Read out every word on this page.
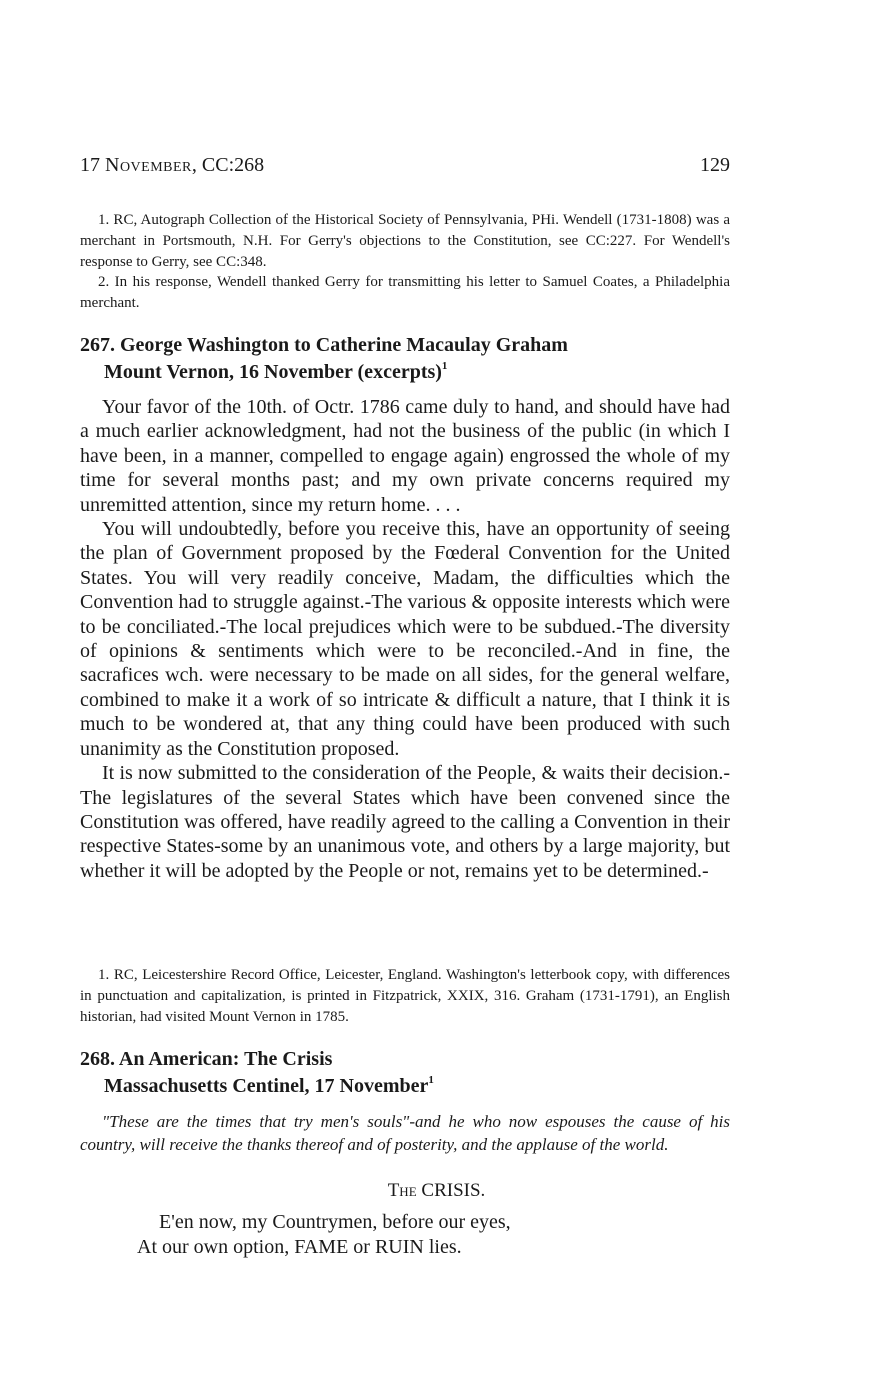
17 November, CC:268	129

1. RC, Autograph Collection of the Historical Society of Pennsylvania, PHi. Wendell (1731-1808) was a merchant in Portsmouth, N.H. For Gerry's objections to the Constitution, see CC:227. For Wendell's response to Gerry, see CC:348.

2. In his response, Wendell thanked Gerry for transmitting his letter to Samuel Coates, a Philadelphia merchant.

267. George Washington to Catherine Macaulay Graham
Mount Vernon, 16 November (excerpts)$^1$

Your favor of the 10th. of Octr. 1786 came duly to hand, and should have had a much earlier acknowledgment, had not the business of the public (in which I have been, in a manner, compelled to engage again) engrossed the whole of my time for several months past; and my own private concerns required my unremitted attention, since my return home. . . .

You will undoubtedly, before you receive this, have an opportunity of seeing the plan of Government proposed by the Fœderal Convention for the United States. You will very readily conceive, Madam, the difficulties which the Convention had to struggle against.-The various & opposite interests which were to be conciliated.-The local prejudices which were to be subdued.-The diversity of opinions & sentiments which were to be reconciled.-And in fine, the sacrafices wch. were necessary to be made on all sides, for the general welfare, combined to make it a work of so intricate & difficult a nature, that I think it is much to be wondered at, that any thing could have been produced with such unanimity as the Constitution proposed.

It is now submitted to the consideration of the People, & waits their decision.-The legislatures of the several States which have been convened since the Constitution was offered, have readily agreed to the calling a Convention in their respective States-some by an unanimous vote, and others by a large majority, but whether it will be adopted by the People or not, remains yet to be determined.-

1. RC, Leicestershire Record Office, Leicester, England. Washington's letterbook copy, with differences in punctuation and capitalization, is printed in Fitzpatrick, XXIX, 316. Graham (1731-1791), an English historian, had visited Mount Vernon in 1785.

268. An American: The Crisis
Massachusetts Centinel, 17 November$^1$

"These are the times that try men's souls"-and he who now espouses the cause of his country, will receive the thanks thereof and of posterity, and the applause of the world.

The CRISIS.
E'en now, my Countrymen, before our eyes,
At our own option, FAME or RUIN lies.
